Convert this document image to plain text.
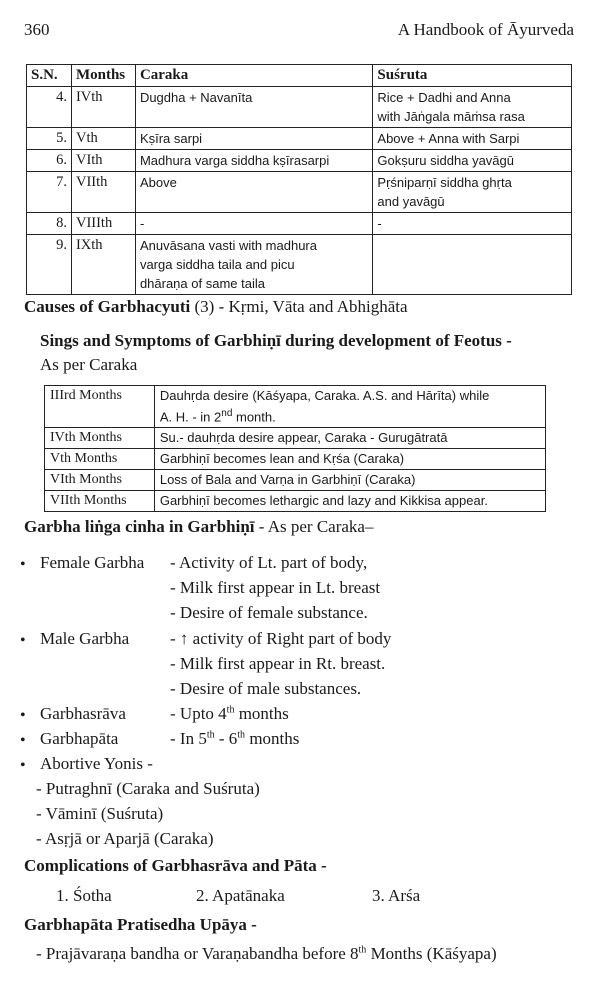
360	A Handbook of Āyurveda
S.N.	Months	Caraka	Suśruta
4.	IVth	Dugdha + Navanīta	Rice + Dadhi and Anna
with Jāṅgala māṁsa rasa

5.	Vth	Kṣīra sarpi	Above + Anna with Sarpi

6.	VIth	Madhura varga siddha kṣīrasarpi	Gokṣuru siddha yavāgū

7.	VIIth	Above	Pṛśniparṇī siddha ghṛta
and yavāgū

8.	VIIIth	-	-

9.	IXth	Anuvāsana vasti with madhura
varga siddha taila and picu
dhāraṇa of same taila	

Causes of Garbhacyuti (3) - Kṛmi, Vāta and Abhighāta
Sings and Symptoms of Garbhiṇī during development of Feotus -
As per Caraka
IIIrd Months	Dauhṛda desire (Kāśyapa, Caraka. A.S. and Hārīta) while
A. H. - in 2nd month.

IVth Months	Su.- dauhṛda desire appear, Caraka - Gurugātratā
Vth Months	Garbhiṇī becomes lean and Kṛśa (Caraka)
VIth Months	Loss of Bala and Varṇa in Garbhiṇī (Caraka)
VIIth Months	Garbhiṇī becomes lethargic and lazy and Kikkisa appear.
Garbha liṅga cinha in Garbhiṇī - As per Caraka–
• Female Garbha - Activity of Lt. part of body,
- Milk first appear in Lt. breast
- Desire of female substance.
• Male Garbha - ↑ activity of Right part of body
- Milk first appear in Rt. breast.
- Desire of male substances.
• Garbhasrāva	- Upto 4th months
• Garbhapāta	- In 5th - 6th months
• Abortive Yonis -
- Putraghnī (Caraka and Suśruta)
- Vāminī (Suśruta)
- Asṛjā or Aparjā (Caraka)
Complications of Garbhasrāva and Pāta -
1. Śotha	2. Apatānaka	3. Arśa
Garbhapāta Pratisedha Upāya -
- Prajāvaraṇa bandha or Varaṇabandha before 8th Months (Kāśyapa)
